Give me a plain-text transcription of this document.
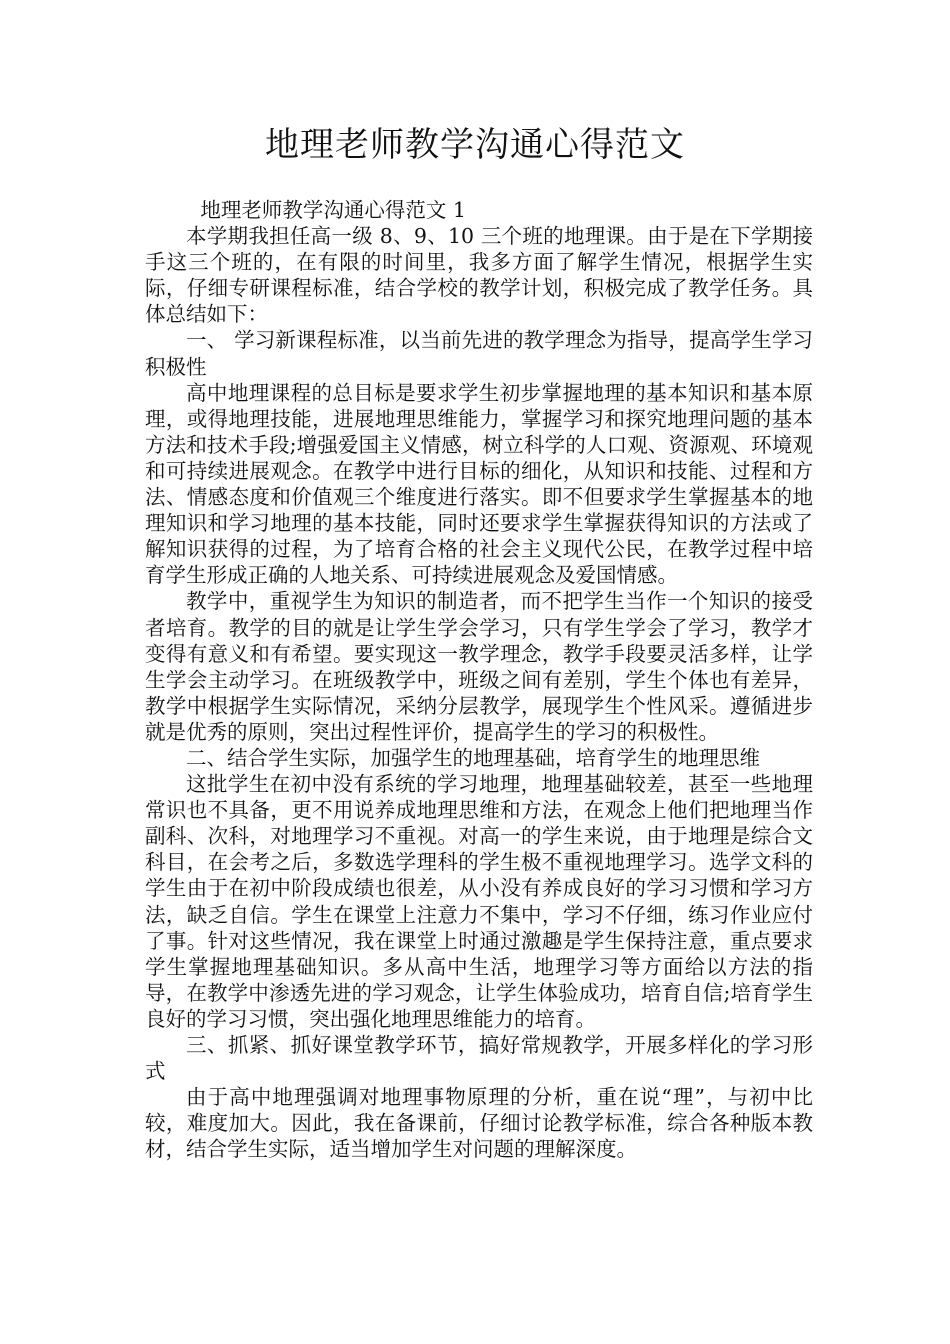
地理老师教学沟通心得范文

地理老师教学沟通心得范文 1

本学期我担任高一级 8、9、10 三个班的地理课。由于是在下学期接手这三个班的，在有限的时间里，我多方面了解学生情况，根据学生实际，仔细专研课程标准，结合学校的教学计划，积极完成了教学任务。具体总结如下：

一、 学习新课程标准，以当前先进的教学理念为指导，提高学生学习积极性

高中地理课程的总目标是要求学生初步掌握地理的基本知识和基本原理，或得地理技能，进展地理思维能力，掌握学习和探究地理问题的基本方法和技术手段;增强爱国主义情感，树立科学的人口观、资源观、环境观和可持续进展观念。在教学中进行目标的细化，从知识和技能、过程和方法、情感态度和价值观三个维度进行落实。即不但要求学生掌握基本的地理知识和学习地理的基本技能，同时还要求学生掌握获得知识的方法或了解知识获得的过程，为了培育合格的社会主义现代公民，在教学过程中培育学生形成正确的人地关系、可持续进展观念及爱国情感。

教学中，重视学生为知识的制造者，而不把学生当作一个知识的接受者培育。教学的目的就是让学生学会学习，只有学生学会了学习，教学才变得有意义和有希望。要实现这一教学理念，教学手段要灵活多样，让学生学会主动学习。在班级教学中，班级之间有差别，学生个体也有差异，教学中根据学生实际情况，采纳分层教学，展现学生个性风采。遵循进步就是优秀的原则，突出过程性评价，提高学生的学习的积极性。

二、结合学生实际，加强学生的地理基础，培育学生的地理思维

这批学生在初中没有系统的学习地理，地理基础较差，甚至一些地理常识也不具备，更不用说养成地理思维和方法，在观念上他们把地理当作副科、次科，对地理学习不重视。对高一的学生来说，由于地理是综合文科目，在会考之后，多数选学理科的学生极不重视地理学习。选学文科的学生由于在初中阶段成绩也很差，从小没有养成良好的学习习惯和学习方法，缺乏自信。学生在课堂上注意力不集中，学习不仔细，练习作业应付了事。针对这些情况，我在课堂上时通过激趣是学生保持注意，重点要求学生掌握地理基础知识。多从高中生活，地理学习等方面给以方法的指导，在教学中渗透先进的学习观念，让学生体验成功，培育自信;培育学生良好的学习习惯，突出强化地理思维能力的培育。

三、抓紧、抓好课堂教学环节，搞好常规教学，开展多样化的学习形式

由于高中地理强调对地理事物原理的分析，重在说“理”，与初中比较，难度加大。因此，我在备课前，仔细讨论教学标准，综合各种版本教材，结合学生实际，适当增加学生对问题的理解深度。
